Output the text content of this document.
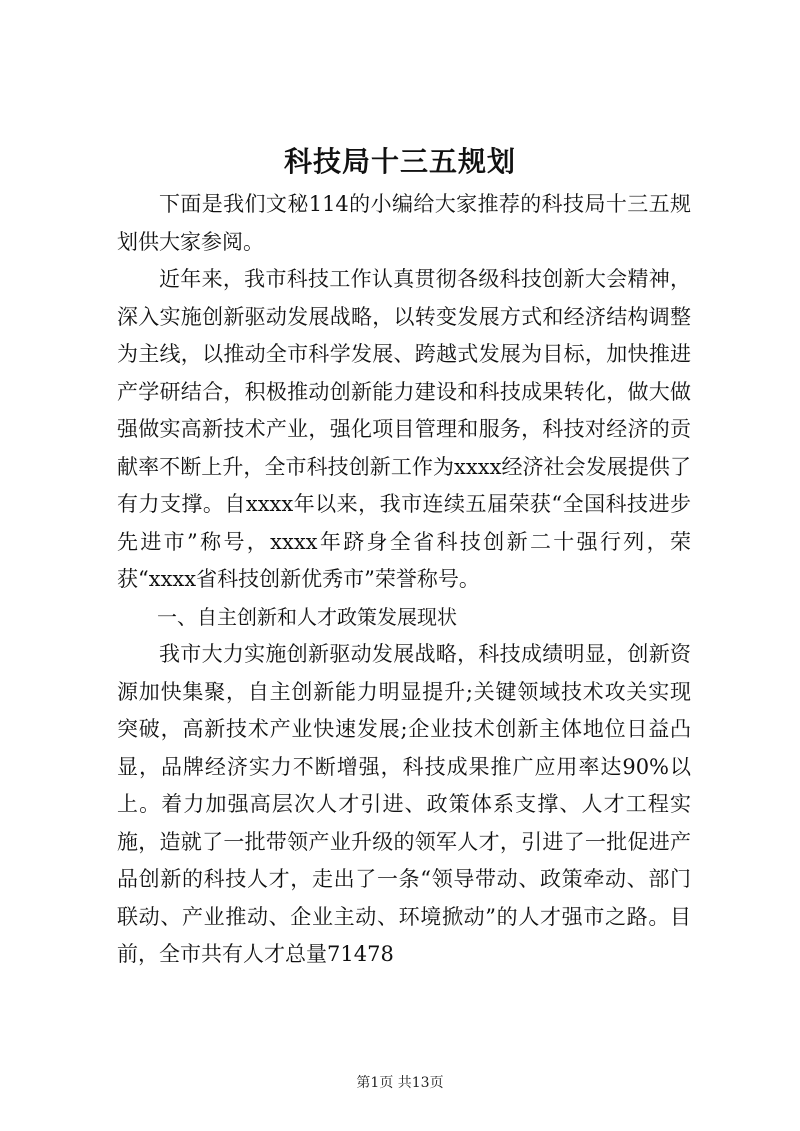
科技局十三五规划

下面是我们文秘114的小编给大家推荐的科技局十三五规划供大家参阅。

近年来，我市科技工作认真贯彻各级科技创新大会精神，深入实施创新驱动发展战略，以转变发展方式和经济结构调整为主线，以推动全市科学发展、跨越式发展为目标，加快推进产学研结合，积极推动创新能力建设和科技成果转化，做大做强做实高新技术产业，强化项目管理和服务，科技对经济的贡献率不断上升，全市科技创新工作为xxxx经济社会发展提供了有力支撑。自xxxx年以来，我市连续五届荣获“全国科技进步先进市”称号，xxxx年跻身全省科技创新二十强行列，荣获“xxxx省科技创新优秀市”荣誉称号。

一、自主创新和人才政策发展现状

我市大力实施创新驱动发展战略，科技成绩明显，创新资源加快集聚，自主创新能力明显提升;关键领域技术攻关实现突破，高新技术产业快速发展;企业技术创新主体地位日益凸显，品牌经济实力不断增强，科技成果推广应用率达90%以上。着力加强高层次人才引进、政策体系支撑、人才工程实施，造就了一批带领产业升级的领军人才，引进了一批促进产品创新的科技人才，走出了一条“领导带动、政策牵动、部门联动、产业推动、企业主动、环境掀动”的人才强市之路。目前，全市共有人才总量71478

第1页 共13页
